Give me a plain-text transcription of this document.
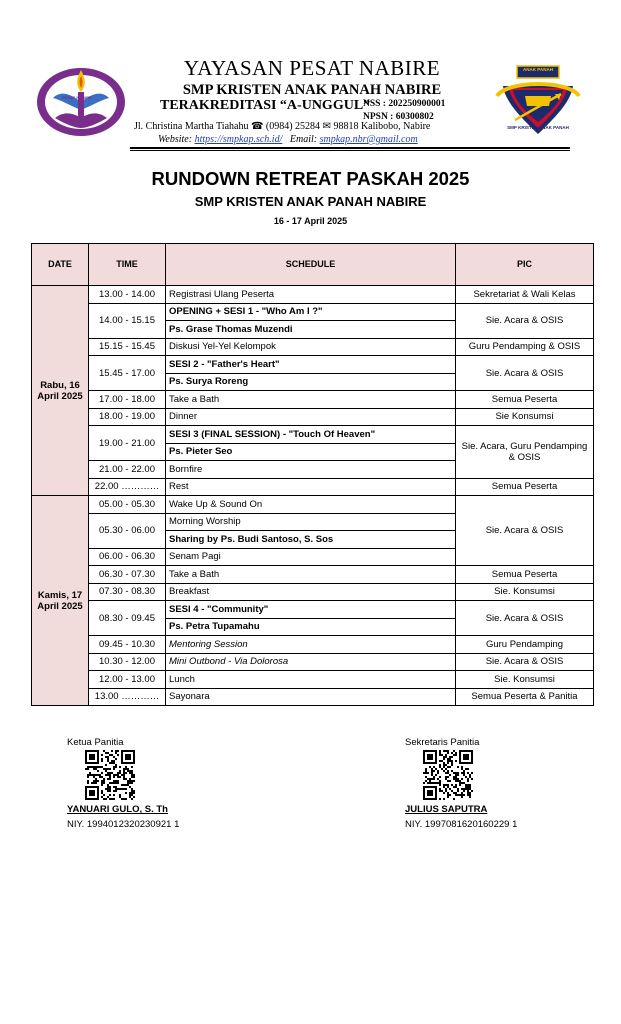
PESAT NABIRE
ANAK PANAH
SMP KRISTEN ANAK PANAH
YAYASAN PESAT NABIRE
SMP KRISTEN ANAK PANAH NABIRE
TERAKREDITASI “A-UNGGUL”
NSS : 202250900001
NPSN : 60300802
Jl. Christina Martha Tiahahu ☎ (0984) 25284 ✉ 98818 Kalibobo, Nabire
Website: https://smpkap.sch.id/ Email: smpkap.nbr@gmail.com
RUNDOWN RETREAT PASKAH 2025
SMP KRISTEN ANAK PANAH NABIRE
16 - 17 April 2025
DATE	TIME	SCHEDULE	PIC
Rabu, 16 April 2025	13.00 - 14.00	Registrasi Ulang Peserta	Sekretariat & Wali Kelas
	14.00 - 15.15	OPENING + SESI 1 - "Who Am I ?"	Sie. Acara & OSIS
		Ps. Grase Thomas Muzendi	
	15.15 - 15.45	Diskusi Yel-Yel Kelompok	Guru Pendamping & OSIS
	15.45 - 17.00	SESI 2 - "Father's Heart"	Sie. Acara & OSIS
		Ps. Surya Roreng	
	17.00 - 18.00	Take a Bath	Semua Peserta
	18.00 - 19.00	Dinner	Sie Konsumsi
	19.00 - 21.00	SESI 3 (FINAL SESSION) - "Touch Of Heaven"	Sie. Acara, Guru Pendamping & OSIS
		Ps. Pieter Seo	
	21.00 - 22.00	Bornfire	
	22.00 …………	Rest	Semua Peserta
Kamis, 17 April 2025	05.00 - 05.30	Wake Up & Sound On	Sie. Acara & OSIS
	05.30 - 06.00	Morning Worship	
		Sharing by Ps. Budi Santoso, S. Sos	
	06.00 - 06.30	Senam Pagi	
	06.30 - 07.30	Take a Bath	Semua Peserta
	07.30 - 08.30	Breakfast	Sie. Konsumsi
	08.30 - 09.45	SESI 4 - "Community"	Sie. Acara & OSIS
		Ps. Petra Tupamahu	
	09.45 - 10.30	Mentoring Session	Guru Pendamping
	10.30 - 12.00	Mini Outbond - Via Dolorosa	Sie. Acara & OSIS
	12.00 - 13.00	Lunch	Sie. Konsumsi
	13.00 …………	Sayonara	Semua Peserta & Panitia
Ketua Panitia
YANUARI GULO, S. Th
NIY. 1994012320230921 1
Sekretaris Panitia
JULIUS SAPUTRA
NIY. 1997081620160229 1
